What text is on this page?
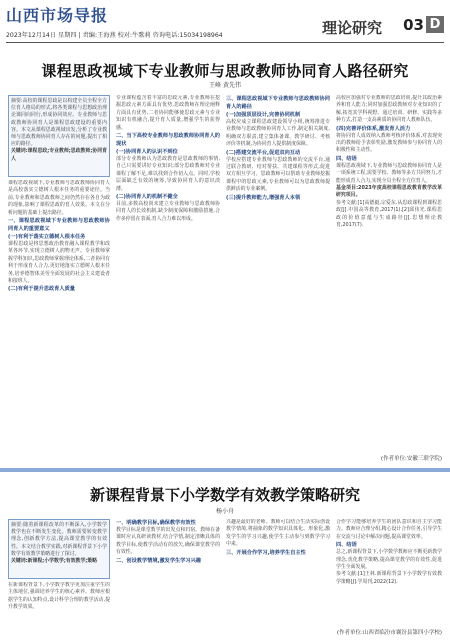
山西市场导报
2023年12月14日 星期四 | 责编:王海燕 校对:牛歌莉 咨询电话:15034198964	理论研究 03 D
课程思政视域下专业教师与思政教师协同育人路径研究
王峰 黄先伟
摘要:高校的课程思政是以构建全员全程全方位育人格局的形式,将各类课程与思想政治理论课同向同行,形成协同效应。专业教师与思政教师协同育人是课程思政建设的重要内容。本文从课程思政视域出发,分析了专业教师与思政教师协同育人存在的问题,提出了相应的路径。
关键词:课程思政;专业教师;思政教师;协同育人
课程思政视域下,专业教师与思政教师协同育人是高校落实立德树人根本任务的重要途径。当前,专业教师和思政教师之间仍然存在各自为政的现象,影响了课程思政的育人效果。本文在分析问题的基础上提出路径。
一、课程思政视域下专业教师与思政教师协同育人的重要意义
(一)有利于落实立德树人根本任务
课程思政是将思想政治教育融入课程教学和改革各环节,实现立德树人润物无声。专业教师掌握学科知识,思政教师掌握理论体系,二者协同有利于形成育人合力,更好地落实立德树人根本任务,培养德智体美劳全面发展的社会主义建设者和接班人。
(二)有利于提升思政育人质量
专业课程蕴含着丰富的思政元素,专业教师在挖掘思政元素方面具有优势,思政教师在理论阐释方面具有优势,二者协同能够使思政元素与专业知识有机融合,提升育人质量,增强学生的获得感。
二、当下高校专业教师与思政教师协同育人的现状
(一)协同育人的认识不到位
部分专业教师认为思政教育是思政教师的事情,自己只需要讲好专业知识;部分思政教师对专业课程了解不足,难以找到合作切入点。同时,学校层面缺乏有效的统筹,导致协同育人的意识淡薄。
(二)协同育人的机制不健全
目前,多数高校尚未建立专业教师与思政教师协同育人的长效机制,缺少制度保障和激励措施,合作多停留在表面,育人合力难以形成。
三、课程思政视域下专业教师与思政教师协同育人的路径
(一)加强顶层设计,完善协同机制
高校应成立课程思政建设领导小组,统筹推进专业教师与思政教师协同育人工作,制定相关制度,明确双方职责,建立集体备课、教学研讨、考核评价等机制,为协同育人提供制度保障。
(二)搭建交流平台,促进双向互动
学校应搭建专业教师与思政教师的交流平台,通过联合教研、结对帮扶、共建课程等形式,促进双方相互学习。思政教师可以帮助专业教师挖掘课程中的思政元素,专业教师可以为思政教师提供鲜活的专业案例。
(三)提升教师能力,增强育人本领
高校应加强对专业教师的思政培训,提升其政治素养和育人能力;同时加强思政教师对专业知识的了解,拓宽其学科视野。通过培训、研修、实践等多种方式,打造一支高素质的协同育人教师队伍。
(四)完善评价体系,激发育人活力
将协同育人成效纳入教师考核评价体系,对表现突出的教师给予表彰奖励,激发教师参与协同育人的积极性和主动性。
四、结语
课程思政视域下,专业教师与思政教师协同育人是一项系统工程,需要学校、教师等多方共同努力,才能形成育人合力,实现全员全程全方位育人。
基金项目:2023年度高校课程思政教育教学改革研究项目。
参考文献:[1]高德毅,宗爱东.从思政课程到课程思政[J].中国高等教育,2017(1).[2]邱伟光.课程思政的价值意蕴与生成路径[J].思想理论教育,2017(7).
(作者单位:安徽三联学院)
新课程背景下小学数学有效教学策略研究
杨小舟
摘要:随着新课程改革的不断深入,小学数学教学也在不断发生变化。教师需要转变教学理念,创新教学方法,提高课堂教学的有效性。本文结合教学实践,对新课程背景下小学数学有效教学策略进行了探讨。
关键词:新课程;小学数学;有效教学;策略
在新课程背景下,小学数学教学更加注重学生的主体地位,强调培养学生的核心素养。教师应根据学生的认知特点,设计科学合理的教学活动,提升教学效果。
一、明确教学目标,确保教学有效性
教学目标是课堂教学的出发点和归宿。教师在备课时应认真研读教材,结合学情,制定清晰具体的教学目标,使教学活动有的放矢,确保课堂教学的有效性。
二、创设教学情境,激发学生学习兴趣
兴趣是最好的老师。教师可以结合生活实际创设教学情境,将抽象的数学知识具体化、形象化,激发学生的学习兴趣,使学生主动参与到数学学习中来。
三、开展合作学习,培养学生自主性
合作学习能够培养学生的团队意识和自主学习能力。教师应合理分组,精心设计合作任务,引导学生在交流与讨论中解决问题,提高课堂效率。
四、结语
总之,新课程背景下,小学数学教师应不断更新教学理念,优化教学策略,提高课堂教学的有效性,促进学生全面发展。
参考文献:[1]王林.新课程背景下小学数学有效教学策略[J].学周刊,2022(12).
(作者单位:山西省临汾市襄汾县第四小学校)
